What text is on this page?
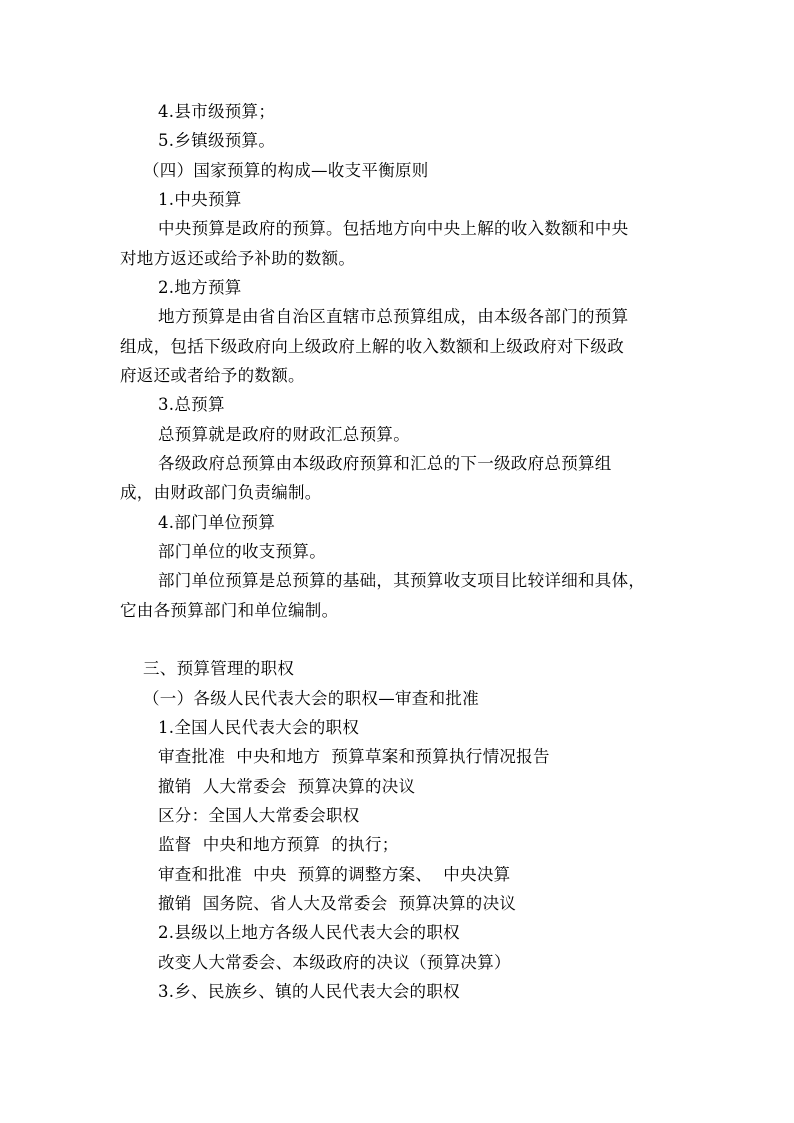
4.县市级预算；
5.乡镇级预算。
（四）国家预算的构成—收支平衡原则
1.中央预算
中央预算是政府的预算。包括地方向中央上解的收入数额和中央
对地方返还或给予补助的数额。
2.地方预算
地方预算是由省自治区直辖市总预算组成，由本级各部门的预算
组成，包括下级政府向上级政府上解的收入数额和上级政府对下级政
府返还或者给予的数额。
3.总预算
总预算就是政府的财政汇总预算。
各级政府总预算由本级政府预算和汇总的下一级政府总预算组
成，由财政部门负责编制。
4.部门单位预算
部门单位的收支预算。
部门单位预算是总预算的基础，其预算收支项目比较详细和具体，
它由各预算部门和单位编制。
三、预算管理的职权
（一）各级人民代表大会的职权—审查和批准
1.全国人民代表大会的职权
审查批准  中央和地方  预算草案和预算执行情况报告
撤销  人大常委会  预算决算的决议
区分：全国人大常委会职权
监督  中央和地方预算  的执行；
审查和批准  中央  预算的调整方案、  中央决算
撤销  国务院、省人大及常委会  预算决算的决议
2.县级以上地方各级人民代表大会的职权
改变人大常委会、本级政府的决议（预算决算）
3.乡、民族乡、镇的人民代表大会的职权
